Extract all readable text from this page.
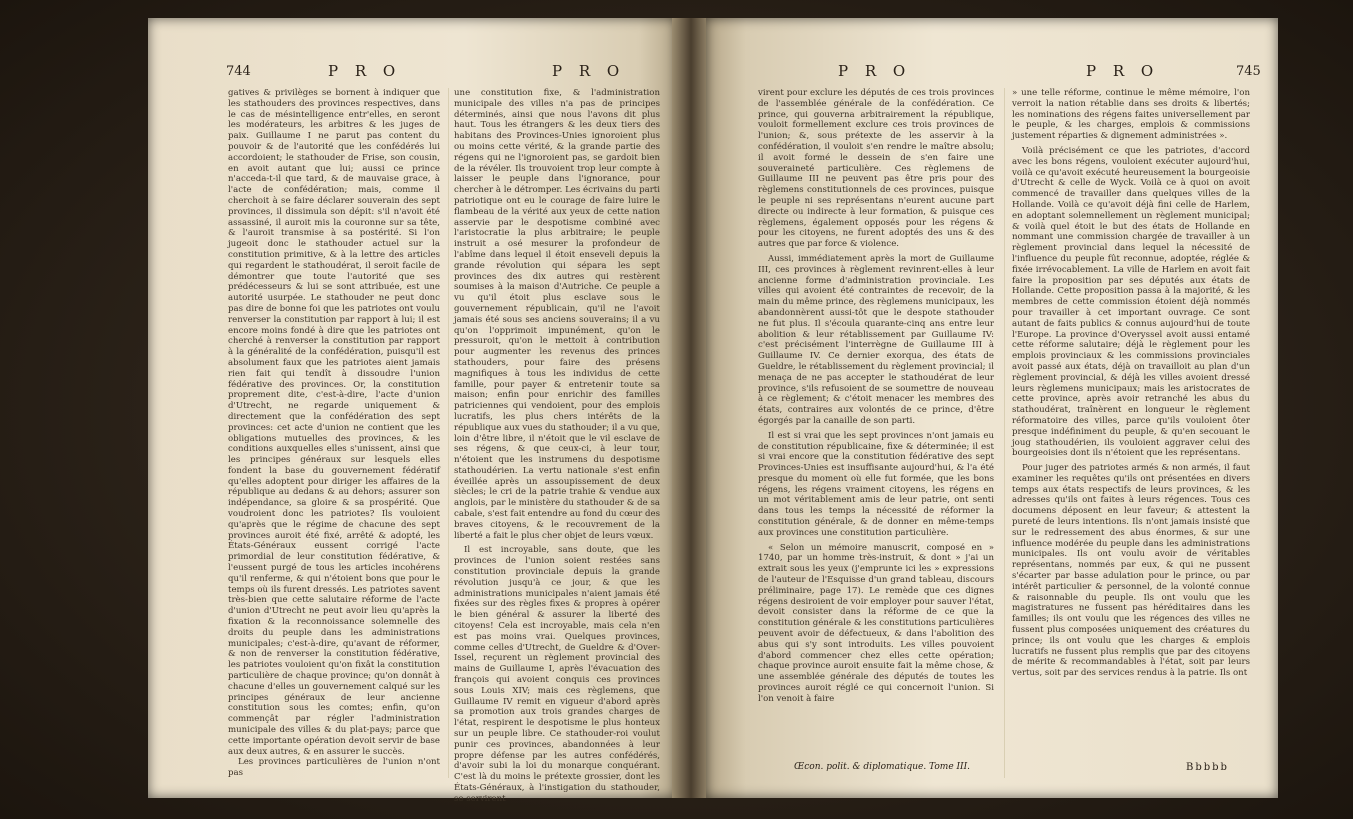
744	P R O	P R O

gatives & privilèges se bornent à indiquer que les stathouders des provinces respectives, dans le cas de mésintelligence entr'elles, en seront les modérateurs, les arbitres & les juges de paix. Guillaume I ne parut pas content du pouvoir & de l'autorité que les confédérés lui accordoient; le stathouder de Frise, son cousin, en avoit autant que lui; aussi ce prince n'acceda-t-il que tard, & de mauvaise grace, à l'acte de confédération; mais, comme il cherchoit à se faire déclarer souverain des sept provinces, il dissimula son dépit: s'il n'avoit été assassiné, il auroit mis la couronne sur sa tête, & l'auroit transmise à sa postérité. Si l'on jugeoit donc le stathouder actuel sur la constitution primitive, & à la lettre des articles qui regardent le stathoudérat, il seroit facile de démontrer que toute l'autorité que ses prédécesseurs & lui se sont attribuée, est une autorité usurpée. Le stathouder ne peut donc pas dire de bonne foi que les patriotes ont voulu renverser la constitution par rapport à lui; il est encore moins fondé à dire que les patriotes ont cherché à renverser la constitution par rapport à la généralité de la confédération, puisqu'il est absolument faux que les patriotes aient jamais rien fait qui tendît à dissoudre l'union fédérative des provinces. Or, la constitution proprement dite, c'est-à-dire, l'acte d'union d'Utrecht, ne regarde uniquement & directement que la confédération des sept provinces: cet acte d'union ne contient que les obligations mutuelles des provinces, & les conditions auxquelles elles s'unissent, ainsi que les principes généraux sur lesquels elles fondent la base du gouvernement fédératif qu'elles adoptent pour diriger les affaires de la république au dedans & au dehors; assurer son indépendance, sa gloire & sa prospérité. Que voudroient donc les patriotes? Ils vouloient qu'après que le régime de chacune des sept provinces auroit été fixé, arrêté & adopté, les États-Généraux eussent corrigé l'acte primordial de leur constitution fédérative, & l'eussent purgé de tous les articles incohérens qu'il renferme, & qui n'étoient bons que pour le temps où ils furent dressés. Les patriotes savent très-bien que cette salutaire réforme de l'acte d'union d'Utrecht ne peut avoir lieu qu'après la fixation & la reconnoissance solemnelle des droits du peuple dans les administrations municipales; c'est-à-dire, qu'avant de réformer, & non de renverser la constitution fédérative, les patriotes vouloient qu'on fixât la constitution particulière de chaque province; qu'on donnât à chacune d'elles un gouvernement calqué sur les principes généraux de leur ancienne constitution sous les comtes; enfin, qu'on commençât par régler l'administration municipale des villes & du plat-pays; parce que cette importante opération devoit servir de base aux deux autres, & en assurer le succès.

Les provinces particulières de l'union n'ont pas

une constitution fixe, & l'administration municipale des villes n'a pas de principes déterminés, ainsi que nous l'avons dit plus haut. Tous les étrangers & les deux tiers des habitans des Provinces-Unies ignoroient plus ou moins cette vérité, & la grande partie des régens qui ne l'ignoroient pas, se gardoit bien de la révéler. Ils trouvoient trop leur compte à laisser le peuple dans l'ignorance, pour chercher à le détromper. Les écrivains du parti patriotique ont eu le courage de faire luire le flambeau de la vérité aux yeux de cette nation asservie par le despotisme combiné avec l'aristocratie la plus arbitraire; le peuple instruit a osé mesurer la profondeur de l'abîme dans lequel il étoit enseveli depuis la grande révolution qui sépara les sept provinces des dix autres qui restèrent soumises à la maison d'Autriche. Ce peuple a vu qu'il étoit plus esclave sous le gouvernement républicain, qu'il ne l'avoit jamais été sous ses anciens souverains; il a vu qu'on l'opprimoit impunément, qu'on le pressuroit, qu'on le mettoit à contribution pour augmenter les revenus des princes stathouders, pour faire des présens magnifiques à tous les individus de cette famille, pour payer & entretenir toute sa maison; enfin pour enrichir des familles patriciennes qui vendoient, pour des emplois lucratifs, les plus chers intérêts de la république aux vues du stathouder; il a vu que, loin d'être libre, il n'étoit que le vil esclave de ses régens, & que ceux-ci, à leur tour, n'étoient que les instrumens du despotisme stathoudérien. La vertu nationale s'est enfin éveillée après un assoupissement de deux siècles; le cri de la patrie trahie & vendue aux anglois, par le ministère du stathouder & de sa cabale, s'est fait entendre au fond du cœur des braves citoyens, & le recouvrement de la liberté a fait le plus cher objet de leurs vœux.

Il est incroyable, sans doute, que les provinces de l'union soient restées sans constitution provinciale depuis la grande révolution jusqu'à ce jour, & que les administrations municipales n'aient jamais été fixées sur des règles fixes & propres à opérer le bien général & assurer la liberté des citoyens! Cela est incroyable, mais cela n'en est pas moins vrai. Quelques provinces, comme celles d'Utrecht, de Gueldre & d'Over-Issel, reçurent un règlement provincial des mains de Guillaume I, après l'évacuation des françois qui avoient conquis ces provinces sous Louis XIV; mais ces règlemens, que Guillaume IV remit en vigueur d'abord après sa promotion aux trois grandes charges de l'état, respirent le despotisme le plus honteux sur un peuple libre. Ce stathouder-roi voulut punir ces provinces, abandonnées à leur propre défense par les autres confédérés, d'avoir subi la loi du monarque conquérant. C'est là du moins le prétexte grossier, dont les États-Généraux, à l'instigation du stathouder, se servirent

P R O	P R O	745

virent pour exclure les députés de ces trois provinces de l'assemblée générale de la confédération. Ce prince, qui gouverna arbitrairement la république, vouloit formellement exclure ces trois provinces de l'union; &, sous prétexte de les asservir à la confédération, il vouloit s'en rendre le maître absolu; il avoit formé le dessein de s'en faire une souveraineté particulière. Ces règlemens de Guillaume III ne peuvent pas être pris pour des règlemens constitutionnels de ces provinces, puisque le peuple ni ses représentans n'eurent aucune part directe ou indirecte à leur formation, & puisque ces règlemens, également opposés pour les régens & pour les citoyens, ne furent adoptés des uns & des autres que par force & violence.

Aussi, immédiatement après la mort de Guillaume III, ces provinces à règlement revinrent-elles à leur ancienne forme d'administration provinciale. Les villes qui avoient été contraintes de recevoir, de la main du même prince, des règlemens municipaux, les abandonnèrent aussi-tôt que le despote stathouder ne fut plus. Il s'écoula quarante-cinq ans entre leur abolition & leur rétablissement par Guillaume IV: c'est précisément l'interrègne de Guillaume III à Guillaume IV. Ce dernier exorqua, des états de Gueldre, le rétablissement du règlement provincial; il menaça de ne pas accepter le stathoudérat de leur province, s'ils refusoient de se soumettre de nouveau à ce règlement; & c'étoit menacer les membres des états, contraires aux volontés de ce prince, d'être égorgés par la canaille de son parti.

Il est si vrai que les sept provinces n'ont jamais eu de constitution républicaine, fixe & déterminée; il est si vrai encore que la constitution fédérative des sept Provinces-Unies est insuffisante aujourd'hui, & l'a été presque du moment où elle fut formée, que les bons régens, les régens vraiment citoyens, les régens en un mot véritablement amis de leur patrie, ont senti dans tous les temps la nécessité de réformer la constitution générale, & de donner en même-temps aux provinces une constitution particulière.

« Selon un mémoire manuscrit, composé en » 1740, par un homme très-instruit, & dont » j'ai un extrait sous les yeux (j'emprunte ici les » expressions de l'auteur de l'Esquisse d'un grand tableau, discours préliminaire, page 17). Le remède que ces dignes régens desiroient de voir employer pour sauver l'état, devoit consister dans la réforme de ce que la constitution générale & les constitutions particulières peuvent avoir de défectueux, & dans l'abolition des abus qui s'y sont introduits. Les villes pouvoient d'abord commencer chez elles cette opération; chaque province auroit ensuite fait la même chose, & une assemblée générale des députés de toutes les provinces auroit réglé ce qui concernoit l'union. Si l'on venoit à faire

Œcon. polit. & diplomatique. Tome III.

» une telle réforme, continue le même mémoire, l'on verroit la nation rétablie dans ses droits & libertés; les nominations des régens faites universellement par le peuple, & les charges, emplois & commissions justement réparties & dignement administrées ».

Voilà précisément ce que les patriotes, d'accord avec les bons régens, vouloient exécuter aujourd'hui, voilà ce qu'avoit exécuté heureusement la bourgeoisie d'Utrecht & celle de Wyck. Voilà ce à quoi on avoit commencé de travailler dans quelques villes de la Hollande. Voilà ce qu'avoit déjà fini celle de Harlem, en adoptant solemnellement un règlement municipal; & voilà quel étoit le but des états de Hollande en nommant une commission chargée de travailler à un règlement provincial dans lequel la nécessité de l'influence du peuple fût reconnue, adoptée, réglée & fixée irrévocablement. La ville de Harlem en avoit fait faire la proposition par ses députés aux états de Hollande. Cette proposition passa à la majorité, & les membres de cette commission étoient déjà nommés pour travailler à cet important ouvrage. Ce sont autant de faits publics & connus aujourd'hui de toute l'Europe. La province d'Overyssel avoit aussi entamé cette réforme salutaire; déjà le règlement pour les emplois provinciaux & les commissions provinciales avoit passé aux états, déjà on travailloit au plan d'un règlement provincial, & déjà les villes avoient dressé leurs règlemens municipaux; mais les aristocrates de cette province, après avoir retranché les abus du stathoudérat, traînèrent en longueur le règlement réformatoire des villes, parce qu'ils vouloient ôter presque indéfiniment du peuple, & qu'en secouant le joug stathoudérien, ils vouloient aggraver celui des bourgeoisies dont ils n'étoient que les représentans.

Pour juger des patriotes armés & non armés, il faut examiner les requêtes qu'ils ont présentées en divers temps aux états respectifs de leurs provinces, & les adresses qu'ils ont faites à leurs régences. Tous ces documens déposent en leur faveur; & attestent la pureté de leurs intentions. Ils n'ont jamais insisté que sur le redressement des abus énormes, & sur une influence modérée du peuple dans les administrations municipales. Ils ont voulu avoir de véritables représentans, nommés par eux, & qui ne pussent s'écarter par basse adulation pour le prince, ou par intérêt particulier & personnel, de la volonté connue & raisonnable du peuple. Ils ont voulu que les magistratures ne fussent pas héréditaires dans les familles; ils ont voulu que les régences des villes ne fussent plus composées uniquement des créatures du prince; ils ont voulu que les charges & emplois lucratifs ne fussent plus remplis que par des citoyens de mérite & recommandables à l'état, soit par leurs vertus, soit par des services rendus à la patrie. Ils ont

Bbbbb
